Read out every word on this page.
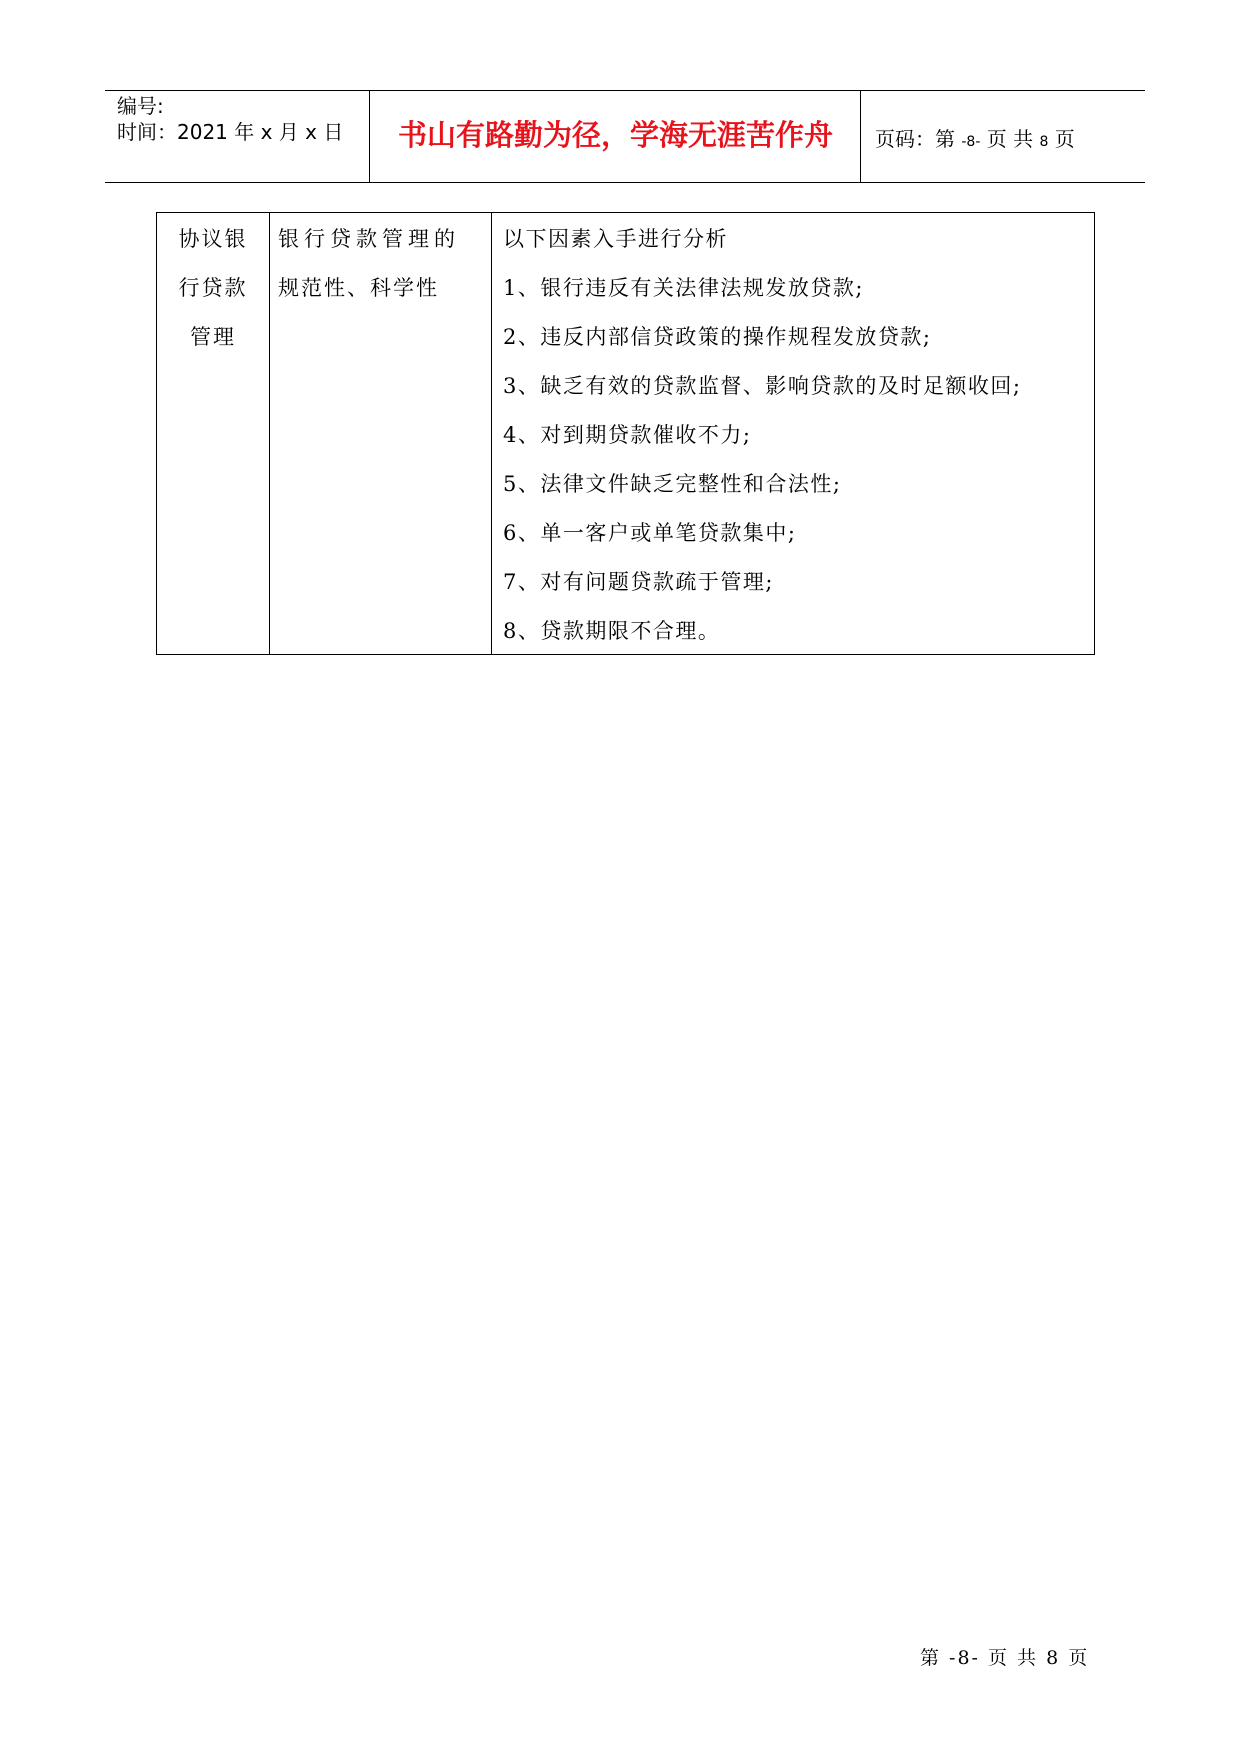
编号:
时间：2021 年 x 月 x 日	书山有路勤为径，学海无涯苦作舟	页码：第 -8- 页 共 8 页
协议银
行贷款
管理
银行贷款管理的
规范性、科学性
以下因素入手进行分析
1、银行违反有关法律法规发放贷款;
2、违反内部信贷政策的操作规程发放贷款;
3、缺乏有效的贷款监督、影响贷款的及时足额收回;
4、对到期贷款催收不力;
5、法律文件缺乏完整性和合法性;
6、单一客户或单笔贷款集中;
7、对有问题贷款疏于管理;
8、贷款期限不合理。
第 -8- 页 共 8 页
